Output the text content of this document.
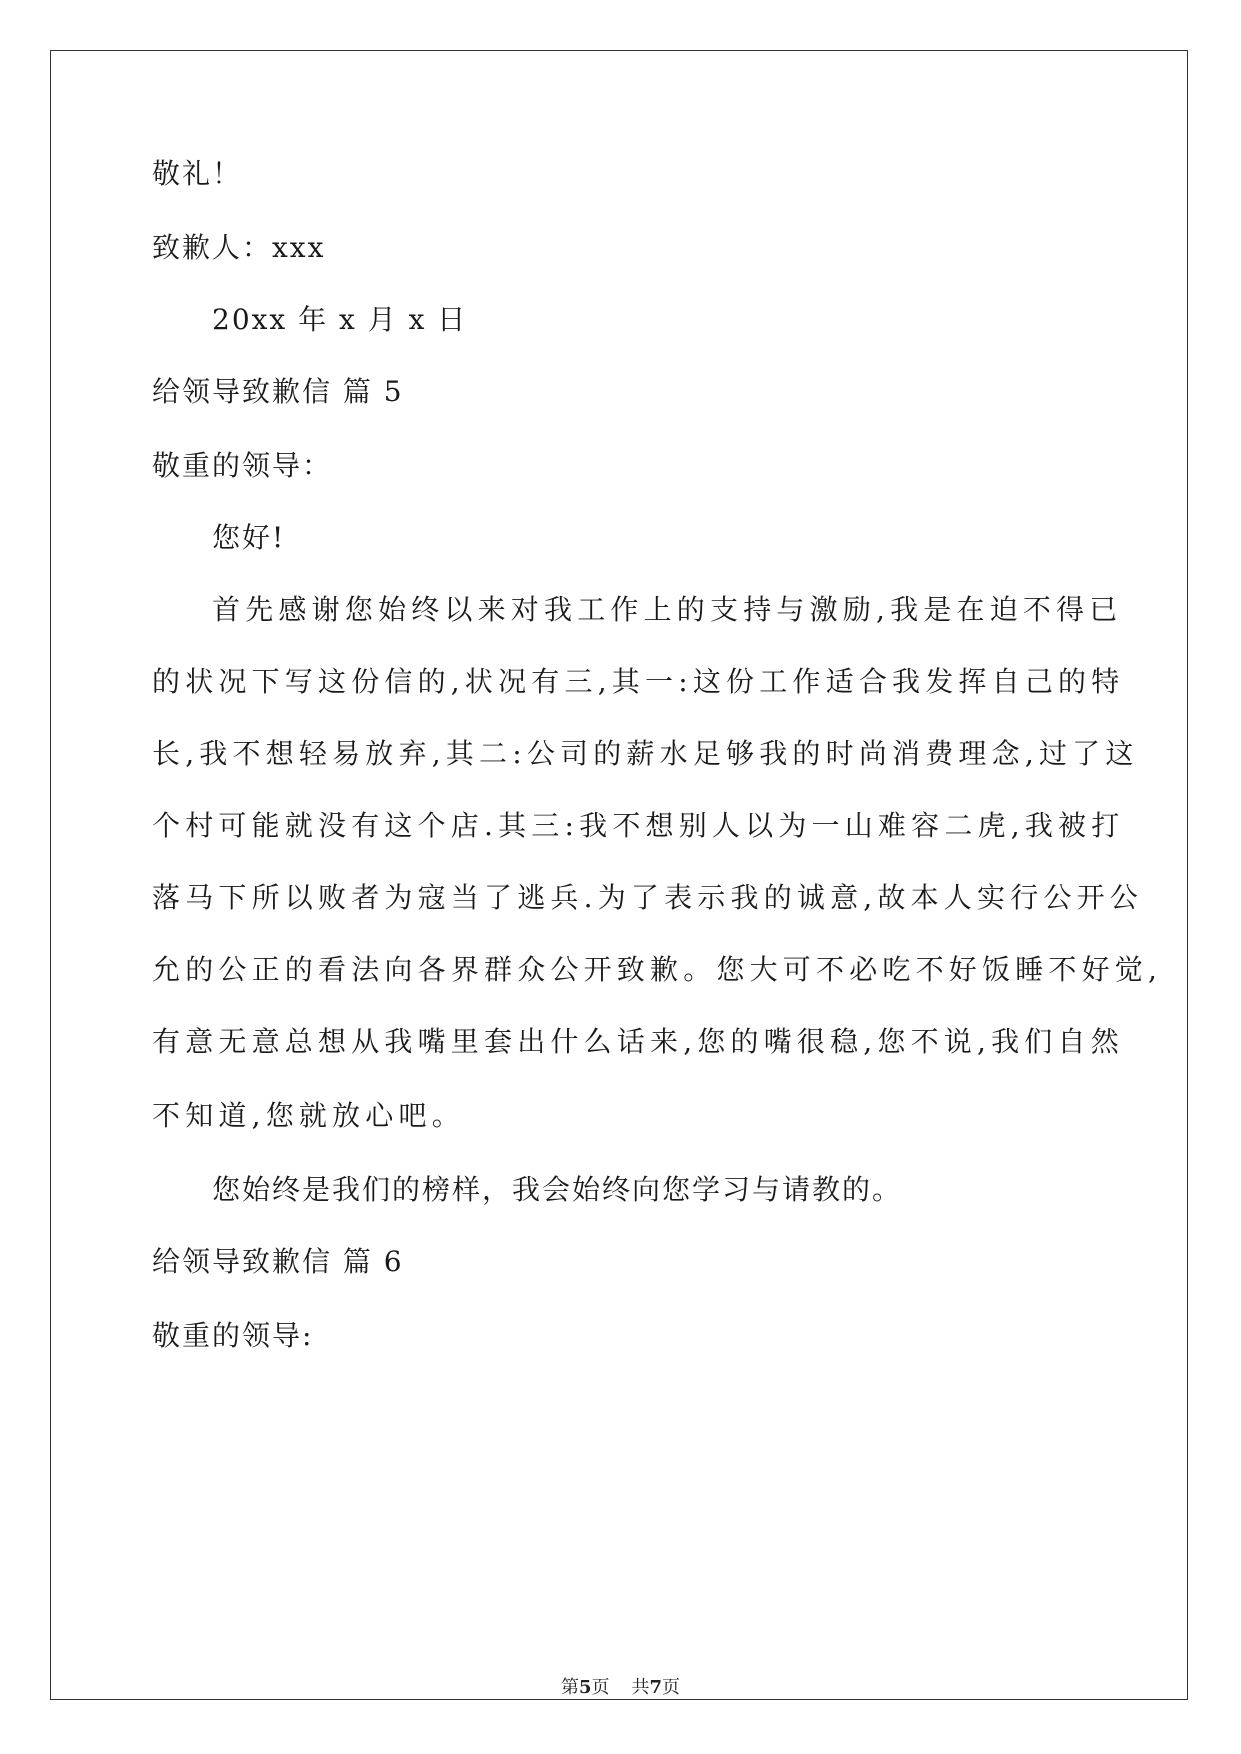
敬礼！
致歉人：xxx
20xx 年 x 月 x 日
给领导致歉信 篇 5
敬重的领导：
您好!
首先感谢您始终以来对我工作上的支持与激励,我是在迫不得已
的状况下写这份信的,状况有三,其一:这份工作适合我发挥自己的特
长,我不想轻易放弃,其二:公司的薪水足够我的时尚消费理念,过了这
个村可能就没有这个店.其三:我不想别人以为一山难容二虎,我被打
落马下所以败者为寇当了逃兵.为了表示我的诚意,故本人实行公开公
允的公正的看法向各界群众公开致歉。您大可不必吃不好饭睡不好觉,
有意无意总想从我嘴里套出什么话来,您的嘴很稳,您不说,我们自然
不知道,您就放心吧。
您始终是我们的榜样，我会始终向您学习与请教的。
给领导致歉信 篇 6
敬重的领导:
第5页 共7页
